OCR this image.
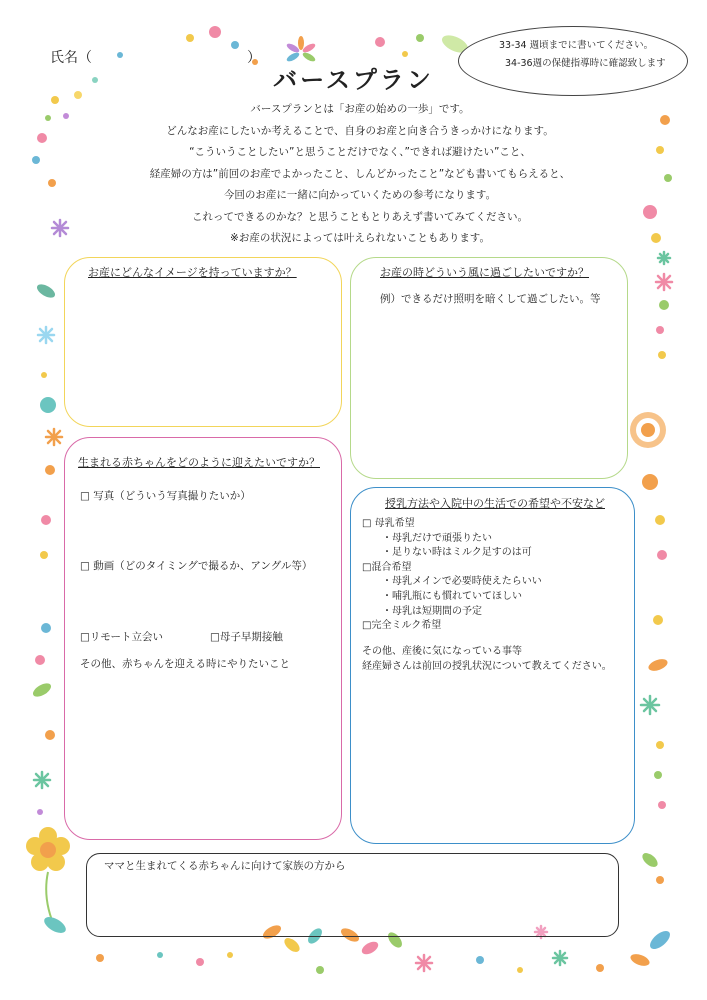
氏名（	）
バースプラン
33-34 週頃までに書いてください。
34-36週の保健指導時に確認致します
バースプランとは「お産の始めの一歩」です。
どんなお産にしたいか考えることで、自身のお産と向き合うきっかけになります。
“こういうことしたい”と思うことだけでなく、”できれば避けたい”こと、
経産婦の方は”前回のお産でよかったこと、しんどかったこと”なども書いてもらえると、
今回のお産に一緒に向かっていくための参考になります。
これってできるのかな？と思うこともとりあえず書いてみてください。
※お産の状況によっては叶えられないこともあります。
お産にどんなイメージを持っていますか？	お産の時どういう風に過ごしたいですか？
例）できるだけ照明を暗くして過ごしたい。等
生まれる赤ちゃんをどのように迎えたいですか？
□ 写真（どういう写真撮りたいか）
□ 動画（どのタイミングで撮るか、アングル等）
□リモート立会い	□母子早期接触
その他、赤ちゃんを迎える時にやりたいこと
授乳方法や入院中の生活での希望や不安など
□ 母乳希望
・母乳だけで頑張りたい
・足りない時はミルク足すのは可
□混合希望
・母乳メインで必要時使えたらいい
・哺乳瓶にも慣れていてほしい
・母乳は短期間の予定
□完全ミルク希望
その他、産後に気になっている事等
経産婦さんは前回の授乳状況について教えてください。
ママと生まれてくる赤ちゃんに向けて家族の方から
